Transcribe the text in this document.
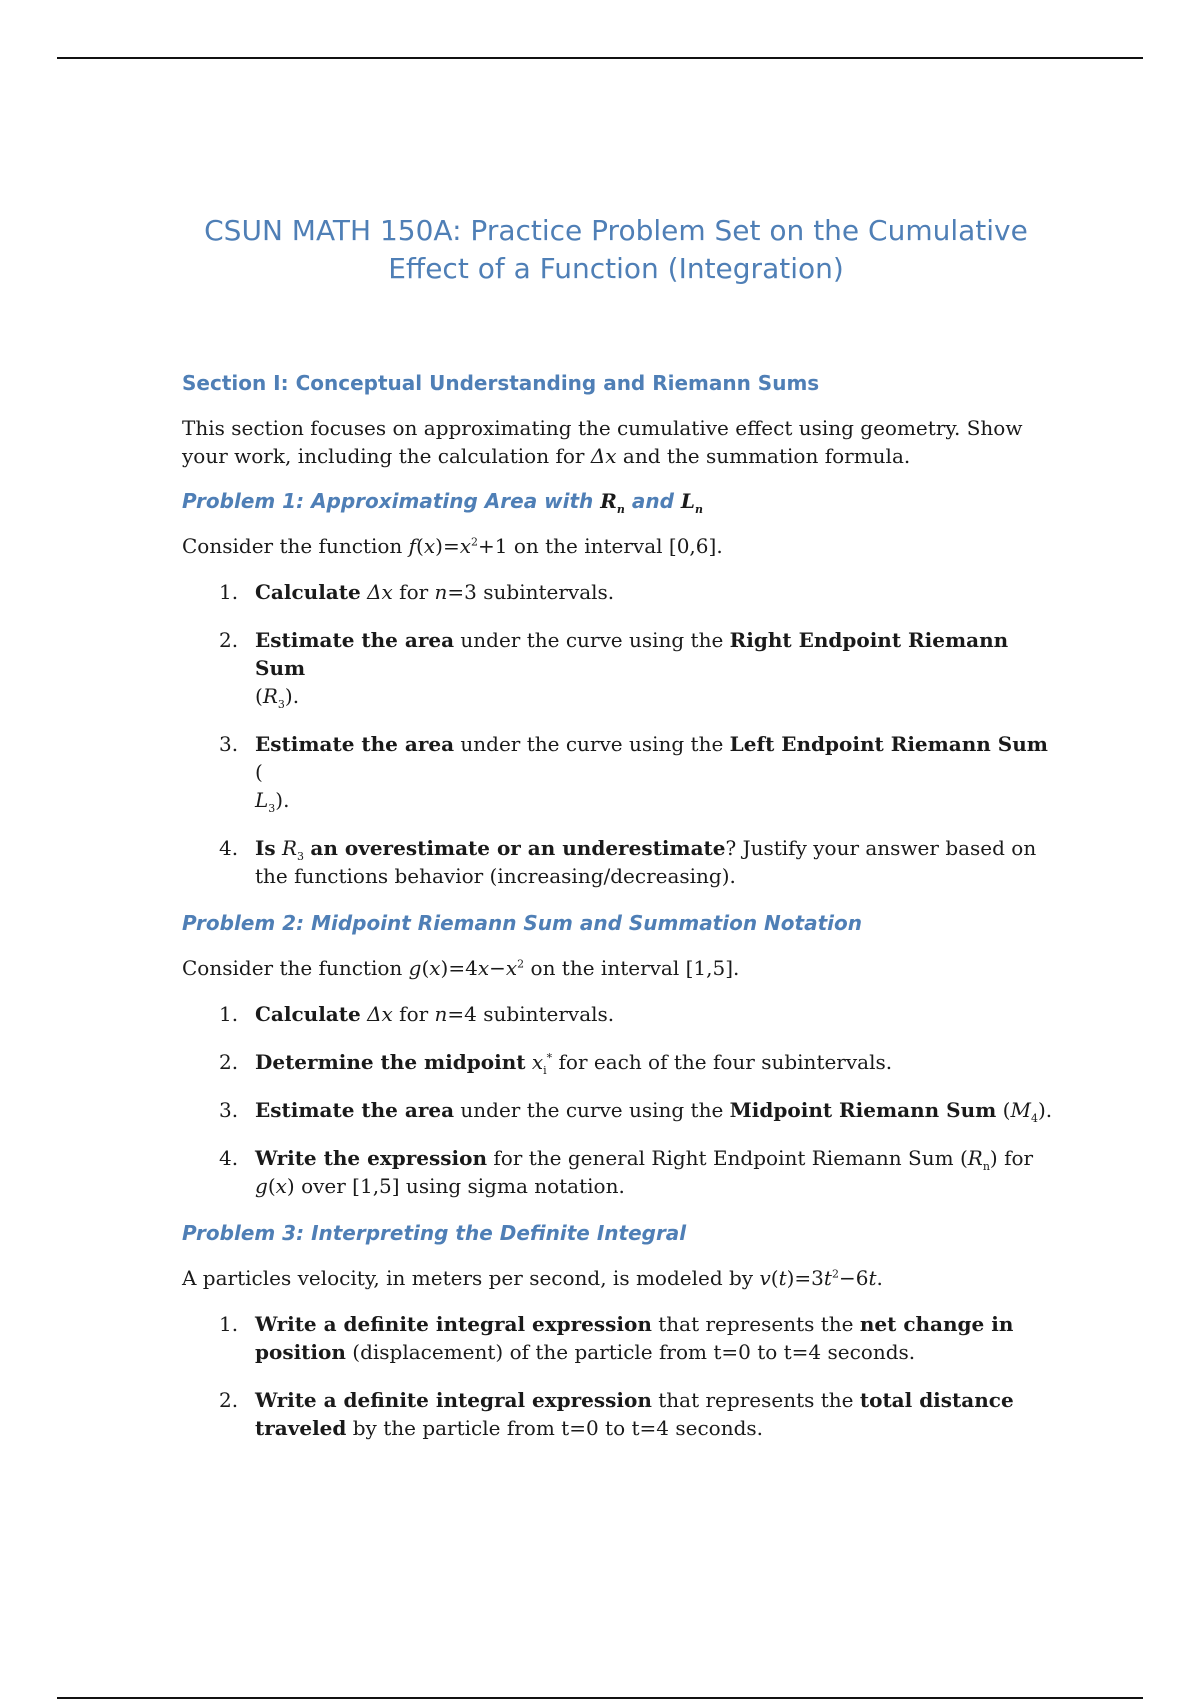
CSUN MATH 150A: Practice Problem Set on the Cumulative
Effect of a Function (Integration)
Section I: Conceptual Understanding and Riemann Sums

This section focuses on approximating the cumulative effect using geometry. Show your work, including the calculation for Δx and the summation formula.

Problem 1: Approximating Area with $R_n$ and $L_n$

Consider the function $f(x)=x^2+1$ on the interval [0,6].

1. Calculate Δx for n=3 subintervals.
2. Estimate the area under the curve using the Right Endpoint Riemann Sum
$(R_3)$.
3. Estimate the area under the curve using the Left Endpoint Riemann Sum (
$L_3$).
4. Is $R_3$ an overestimate or an underestimate? Justify your answer based on the functions behavior (increasing/decreasing).
Problem 2: Midpoint Riemann Sum and Summation Notation

Consider the function $g(x)=4x-x^2$ on the interval [1,5].

1. Calculate Δx for n=4 subintervals.
2. Determine the midpoint $x_i^*$ for each of the four subintervals.
3. Estimate the area under the curve using the Midpoint Riemann Sum $(M_4)$.
4. Write the expression for the general Right Endpoint Riemann Sum $(R_n)$ for
g(x) over [1,5] using sigma notation.
Problem 3: Interpreting the Definite Integral

A particles velocity, in meters per second, is modeled by $v(t)=3t^2-6t$.

1. Write a definite integral expression that represents the net change in position (displacement) of the particle from t=0 to t=4 seconds.
2. Write a definite integral expression that represents the total distance traveled by the particle from t=0 to t=4 seconds.
